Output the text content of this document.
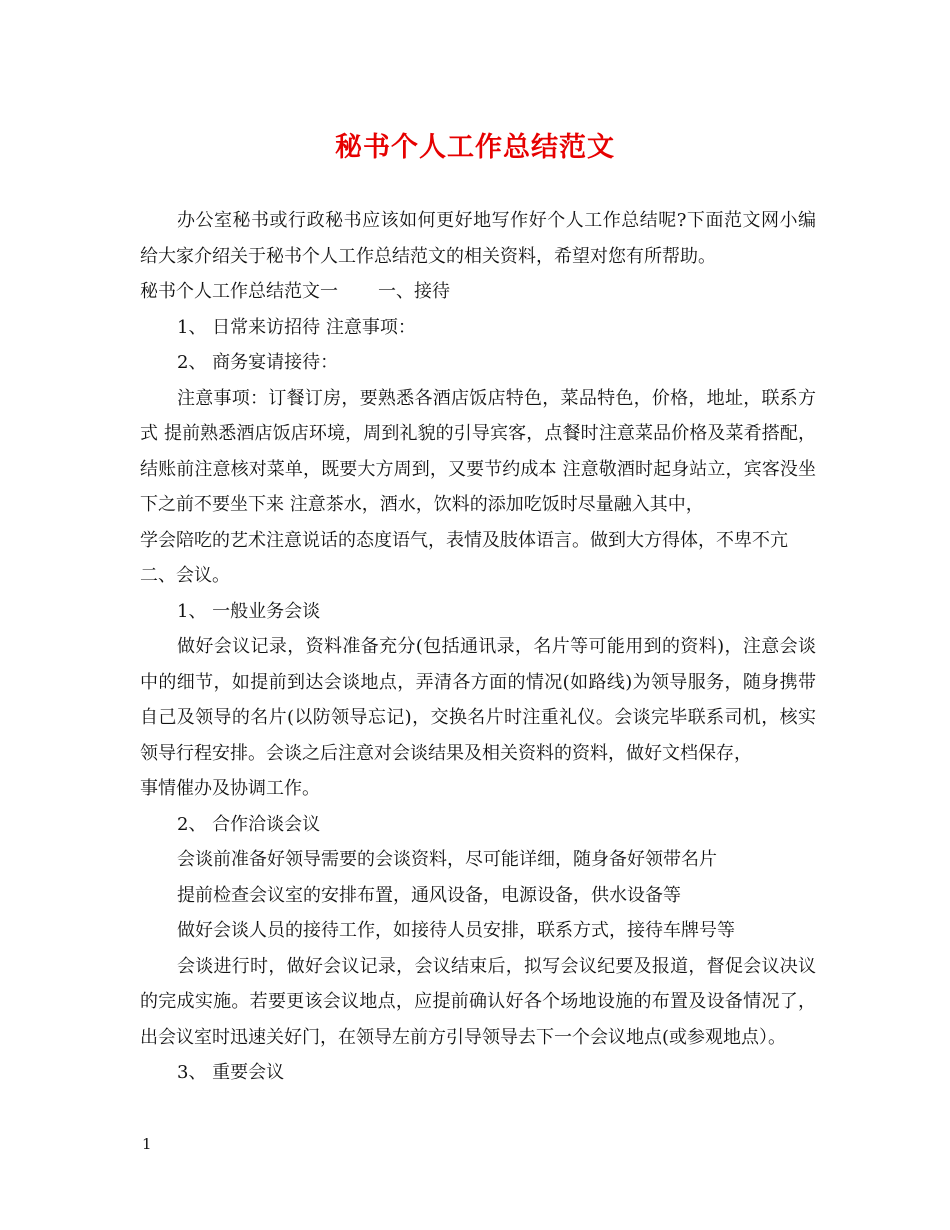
秘书个人工作总结范文

办公室秘书或行政秘书应该如何更好地写作好个人工作总结呢?下面范文网小编给大家介绍关于秘书个人工作总结范文的相关资料，希望对您有所帮助。

秘书个人工作总结范文一 一、接待

1、 日常来访招待 注意事项：

2、 商务宴请接待：

注意事项：订餐订房，要熟悉各酒店饭店特色，菜品特色，价格，地址，联系方式 提前熟悉酒店饭店环境，周到礼貌的引导宾客，点餐时注意菜品价格及菜肴搭配，结账前注意核对菜单，既要大方周到，又要节约成本 注意敬酒时起身站立，宾客没坐下之前不要坐下来 注意茶水，酒水，饮料的添加吃饭时尽量融入其中，

学会陪吃的艺术注意说话的态度语气，表情及肢体语言。做到大方得体，不卑不亢

二、会议。

1、 一般业务会谈

做好会议记录，资料准备充分(包括通讯录，名片等可能用到的资料)，注意会谈中的细节，如提前到达会谈地点，弄清各方面的情况(如路线)为领导服务，随身携带自己及领导的名片(以防领导忘记)，交换名片时注重礼仪。会谈完毕联系司机，核实领导行程安排。会谈之后注意对会谈结果及相关资料的资料，做好文档保存，

事情催办及协调工作。

2、 合作洽谈会议

会谈前准备好领导需要的会谈资料，尽可能详细，随身备好领带名片

提前检查会议室的安排布置，通风设备，电源设备，供水设备等

做好会谈人员的接待工作，如接待人员安排，联系方式，接待车牌号等

会谈进行时，做好会议记录，会议结束后，拟写会议纪要及报道，督促会议决议的完成实施。若要更该会议地点，应提前确认好各个场地设施的布置及设备情况了，出会议室时迅速关好门，在领导左前方引导领导去下一个会议地点(或参观地点）。

3、 重要会议

1
